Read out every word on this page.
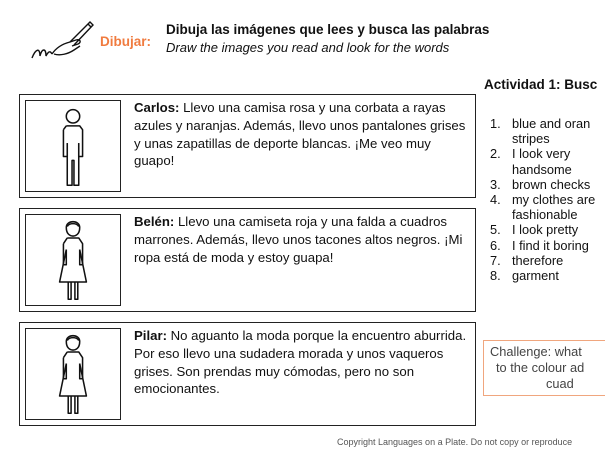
Dibujar:
Dibuja las imágenes que lees y busca las palabras
Draw the images you read and look for the words
Carlos: Llevo una camisa rosa y una corbata a rayas azules y naranjas. Además, llevo unos pantalones grises y unas zapatillas de deporte blancas. ¡Me veo muy guapo!
Belén: Llevo una camiseta roja y una falda a cuadros marrones. Además, llevo unos tacones altos negros. ¡Mi ropa está de moda y estoy guapa!
Pilar: No aguanto la moda porque la encuentro aburrida. Por eso llevo una sudadera morada y unos vaqueros grises. Son prendas muy cómodas, pero no son emocionantes.
Actividad 1: Busc
1. blue and oran
stripes
2. I look very
handsome
3. brown checks
4. my clothes are
fashionable
5. I look pretty
6. I find it boring
7. therefore
8. garment
Challenge: what
to the colour ad
cuad
Copyright Languages on a Plate. Do not copy or reproduce
